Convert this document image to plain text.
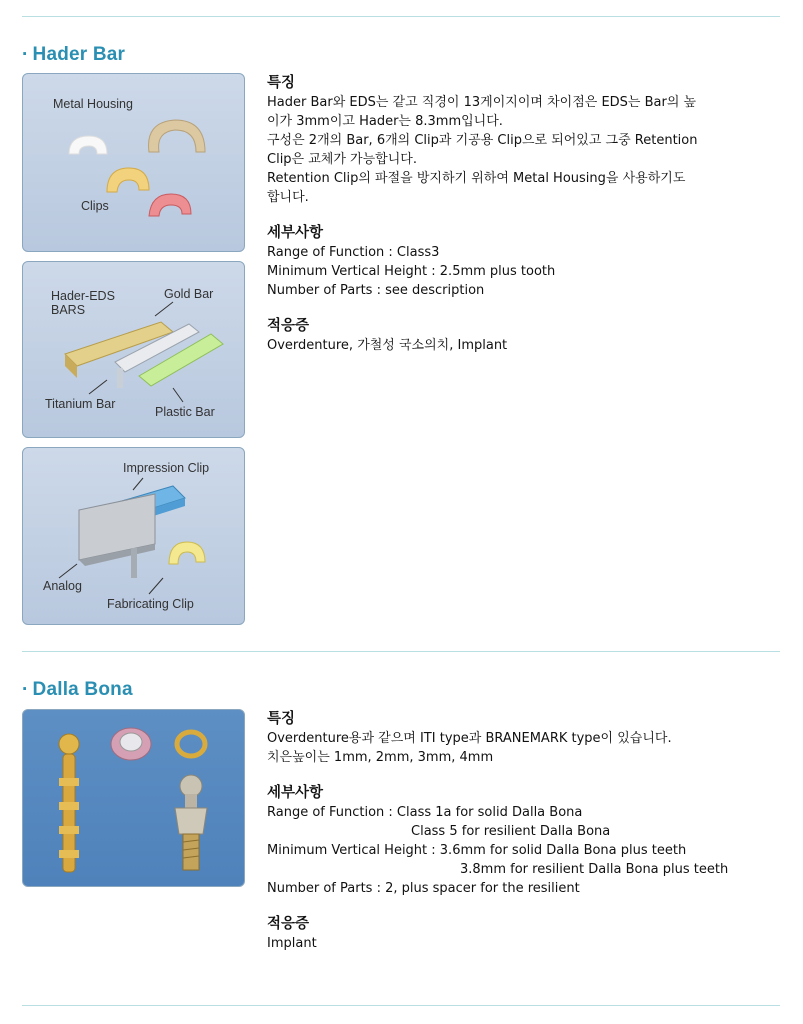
· Hader Bar
Metal Housing
Clips
Hader-EDS
BARS
Gold Bar
Titanium Bar
Plastic Bar
Impression Clip
Analog
Fabricating Clip
특징

Hader Bar와 EDS는 같고 직경이 13게이지이며 차이점은 EDS는 Bar의 높

이가 3mm이고 Hader는 8.3mm입니다.

구성은 2개의 Bar, 6개의 Clip과 기공용 Clip으로 되어있고 그중 Retention

Clip은 교체가 가능합니다.

Retention Clip의 파절을 방지하기 위하여 Metal Housing을 사용하기도

합니다.

세부사항

Range of Function : Class3

Minimum Vertical Height : 2.5mm plus tooth

Number of Parts : see description

적응증

Overdenture, 가철성 국소의치, Implant

· Dalla Bona
특징

Overdenture용과 같으며 ITI type과 BRANEMARK type이 있습니다.

치은높이는 1mm, 2mm, 3mm, 4mm

세부사항

Range of Function : Class 1a for solid Dalla Bona

Class 5 for resilient Dalla Bona

Minimum Vertical Height : 3.6mm for solid Dalla Bona plus teeth

3.8mm for resilient Dalla Bona plus teeth

Number of Parts : 2, plus spacer for the resilient

적응증

Implant
